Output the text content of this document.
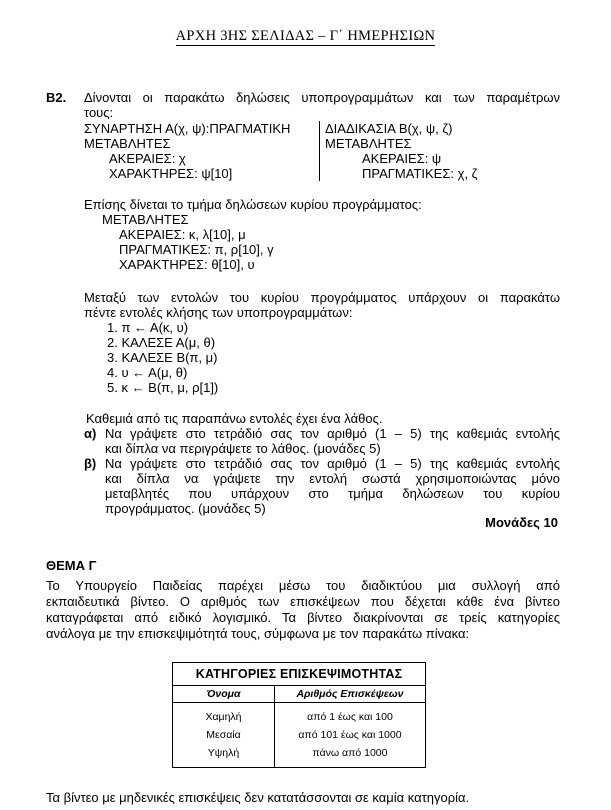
ΑΡΧΗ 3ΗΣ ΣΕΛΙΔΑΣ – Γ΄ ΗΜΕΡΗΣΙΩΝ
Β2. Δίνονται οι παρακάτω δηλώσεις υποπρογραμμάτων και των παραμέτρων
τους:
ΣΥΝΑΡΤΗΣΗ Α(χ, ψ):ΠΡΑΓΜΑΤΙΚΗ
ΜΕΤΑΒΛΗΤΕΣ
ΑΚΕΡΑΙΕΣ: χ
ΧΑΡΑΚΤΗΡΕΣ: ψ[10]
ΔΙΑΔΙΚΑΣΙΑ Β(χ, ψ, ζ)
ΜΕΤΑΒΛΗΤΕΣ
ΑΚΕΡΑΙΕΣ: ψ
ΠΡΑΓΜΑΤΙΚΕΣ: χ, ζ
Επίσης δίνεται το τμήμα δηλώσεων κυρίου προγράμματος:
ΜΕΤΑΒΛΗΤΕΣ
ΑΚΕΡΑΙΕΣ: κ, λ[10], μ
ΠΡΑΓΜΑΤΙΚΕΣ: π, ρ[10], γ
ΧΑΡΑΚΤΗΡΕΣ: θ[10], υ
Μεταξύ των εντολών του κυρίου προγράμματος υπάρχουν οι παρακάτω
πέντε εντολές κλήσης των υποπρογραμμάτων:
1. π ← Α(κ, υ)
2. ΚΑΛΕΣΕ Α(μ, θ)
3. ΚΑΛΕΣΕ Β(π, μ)
4. υ ← Α(μ, θ)
5. κ ← Β(π, μ, ρ[1])
Καθεμιά από τις παραπάνω εντολές έχει ένα λάθος.
α) Να γράψετε στο τετράδιό σας τον αριθμό (1 – 5) της καθεμιάς εντολής
και δίπλα να περιγράψετε το λάθος. (μονάδες 5)
β) Να γράψετε στο τετράδιό σας τον αριθμό (1 – 5) της καθεμιάς εντολής
και δίπλα να γράψετε την εντολή σωστά χρησιμοποιώντας μόνο
μεταβλητές που υπάρχουν στο τμήμα δηλώσεων του κυρίου
προγράμματος. (μονάδες 5)
Μονάδες 10
ΘΕΜΑ Γ
Το Υπουργείο Παιδείας παρέχει μέσω του διαδικτύου μια συλλογή από
εκπαιδευτικά βίντεο. Ο αριθμός των επισκέψεων που δέχεται κάθε ένα βίντεο
καταγράφεται από ειδικό λογισμικό. Τα βίντεο διακρίνονται σε τρείς κατηγορίες
ανάλογα με την επισκεψιμότητά τους, σύμφωνα με τον παρακάτω πίνακα:
ΚΑΤΗΓΟΡΙΕΣ ΕΠΙΣΚΕΨΙΜΟΤΗΤΑΣ
Όνομα	Αριθμός Επισκέψεων
Χαμηλή	από 1 έως και 100
Μεσαία	από 101 έως και 1000
Υψηλή	πάνω από 1000
Τα βίντεο με μηδενικές επισκέψεις δεν κατατάσσονται σε καμία κατηγορία.
